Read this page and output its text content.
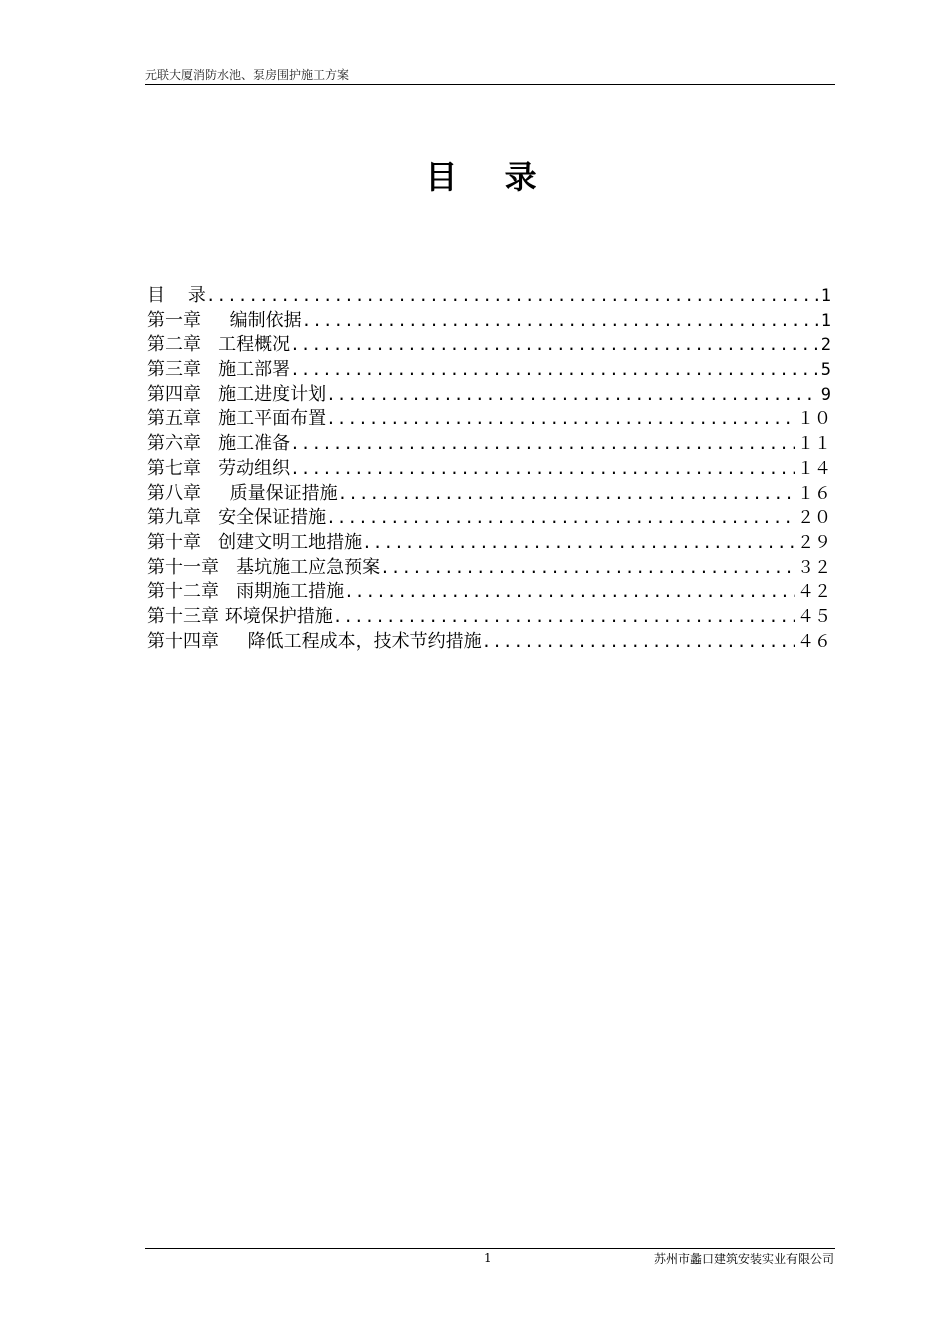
元联大厦消防水池、泵房围护施工方案
目 录
目    录 .....	1
第一章     编制依据 .....	1
第二章   工程概况 .....	2
第三章   施工部署 .....	5
第四章   施工进度计划 .....	9
第五章   施工平面布置 .....	１０
第六章   施工准备 .....	１１
第七章   劳动组织 .....	１４
第八章     质量保证措施 .....	１６
第九章   安全保证措施 .....	２０
第十章   创建文明工地措施 .....	２９
第十一章   基坑施工应急预案 .....	３２
第十二章   雨期施工措施 .....	４２
第十三章 环境保护措施 .....	４５
第十四章     降低工程成本，技术节约措施 .....	４６
1	苏州市蠡口建筑安装实业有限公司
